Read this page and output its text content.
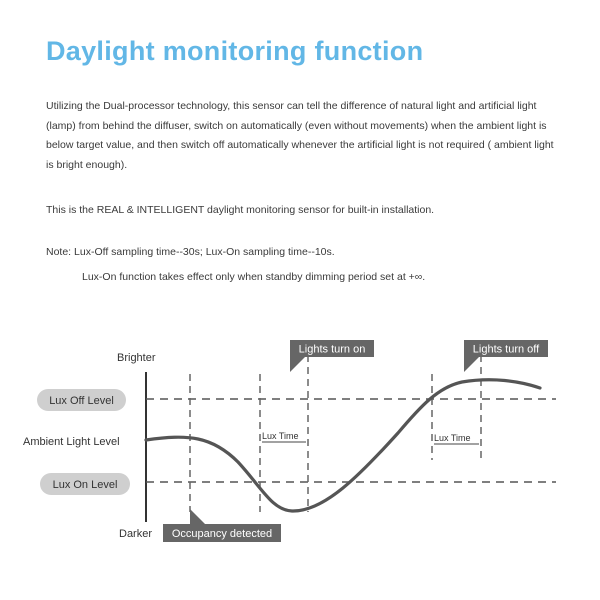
Daylight monitoring function
Utilizing the Dual-processor technology, this sensor can tell the difference of natural light and artificial light (lamp) from behind the diffuser, switch on automatically (even without movements) when the ambient light is below target value, and then switch off automatically whenever the artificial light is not required ( ambient light is bright enough).
This is the REAL & INTELLIGENT daylight monitoring sensor for built-in installation.
Note: Lux-Off sampling time--30s; Lux-On sampling time--10s.
Lux-On function takes effect only when standby dimming period set at +∞.
Brighter
Lux Off Level
Ambient Light Level
Lux On Level
Darker
Lux Time	Lux Time
Lights turn on	Lights turn off
Occupancy detected
